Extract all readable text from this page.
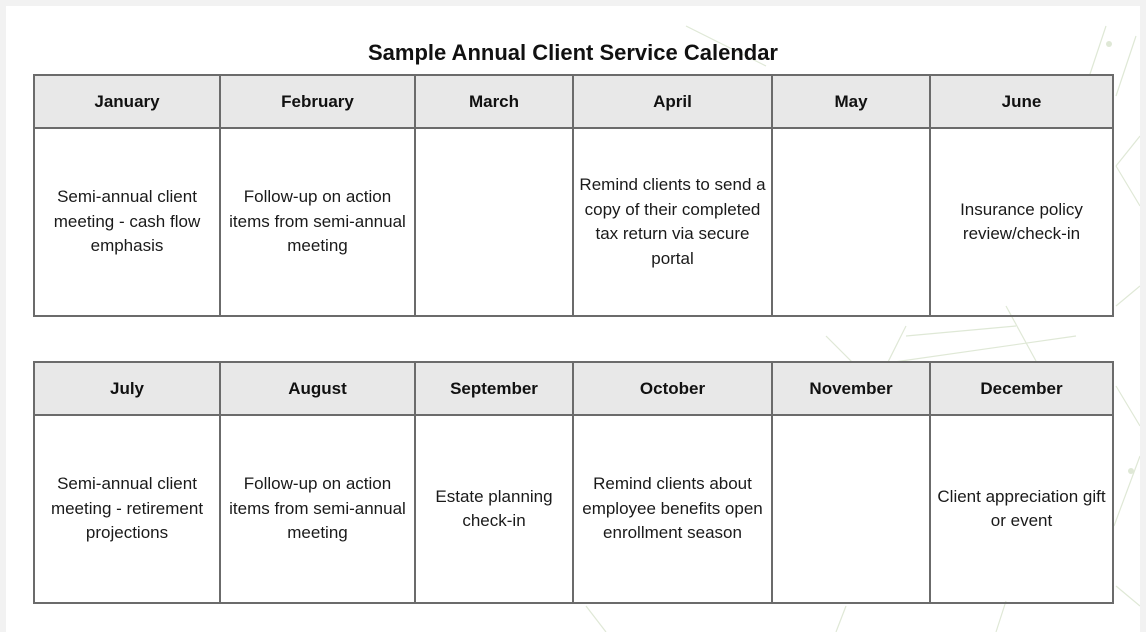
Sample Annual Client Service Calendar
January	February	March	April	May	June
Semi-annual client meeting - cash flow emphasis	Follow-up on action items from semi-annual meeting		Remind clients to send a copy of their completed tax return via secure portal		Insurance policy review/check-in
July	August	September	October	November	December
Semi-annual client meeting - retirement projections	Follow-up on action items from semi-annual meeting	Estate planning check-in	Remind clients about employee benefits open enrollment season		Client appreciation gift or event
